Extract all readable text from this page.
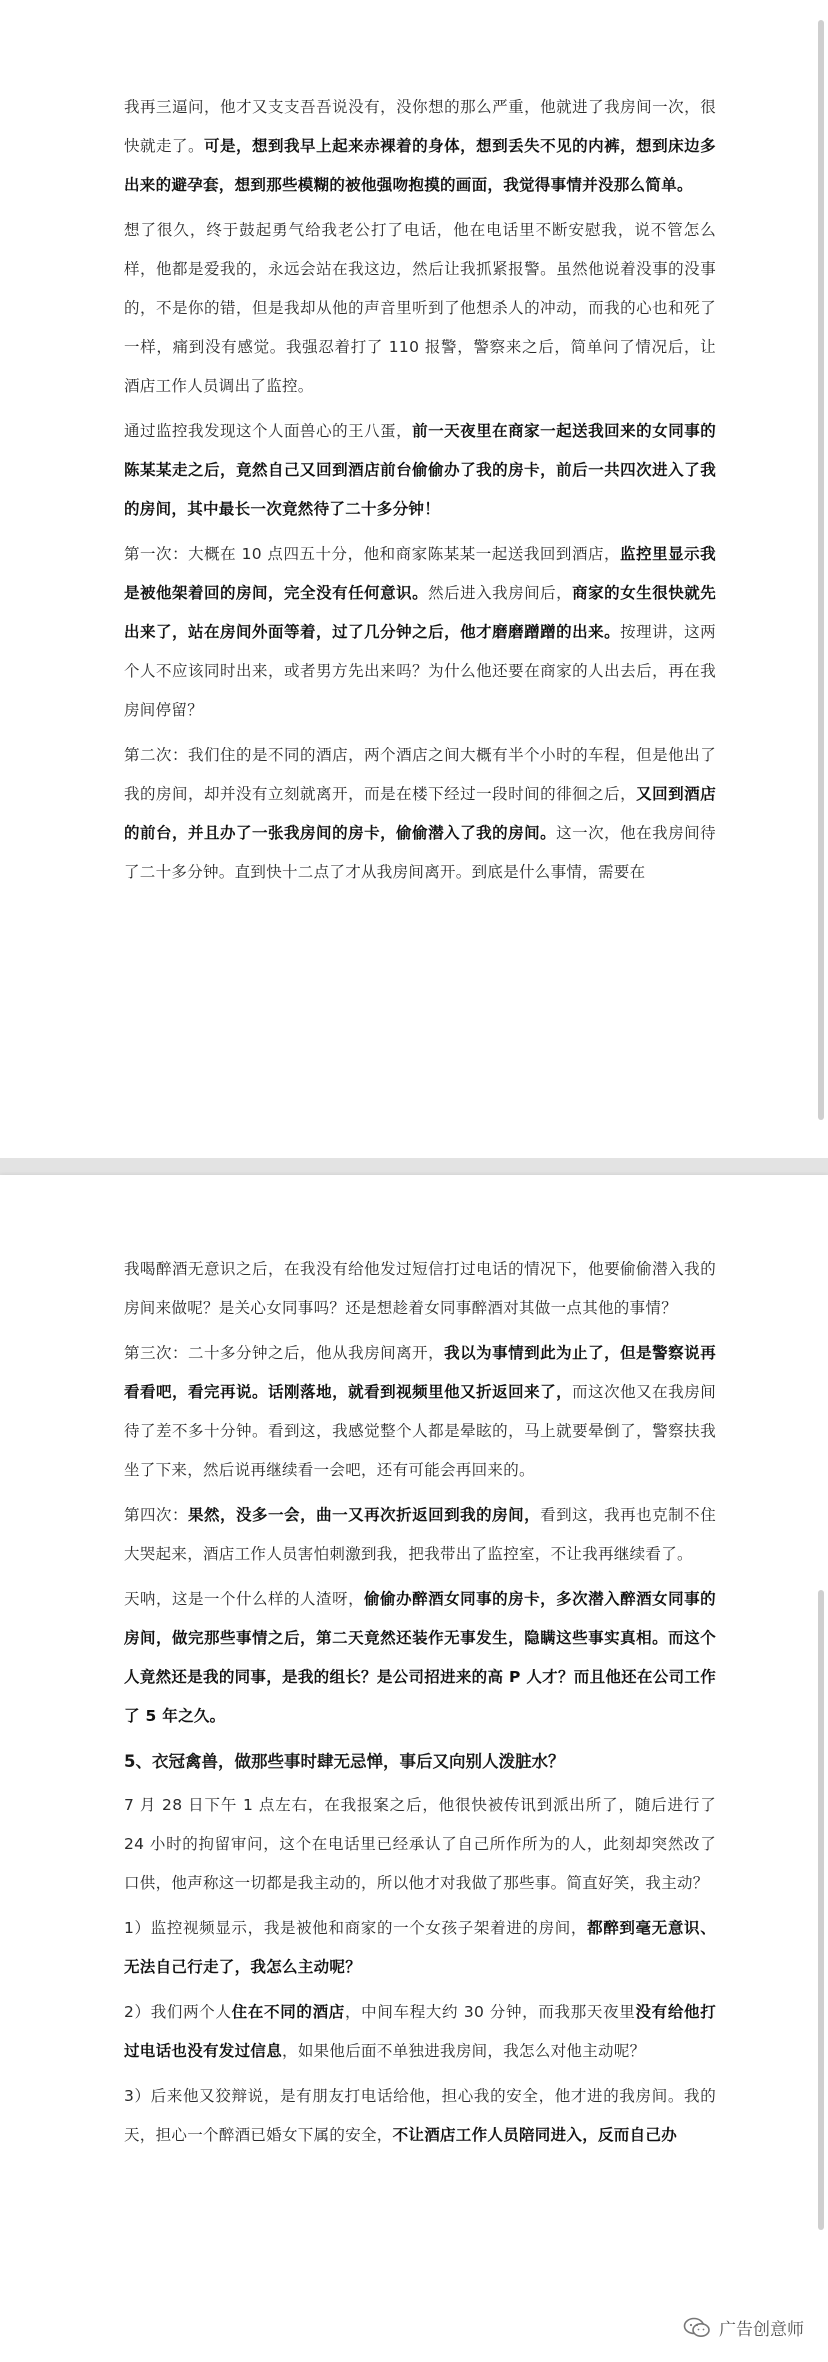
我再三逼问，他才又支支吾吾说没有，没你想的那么严重，他就进了我房间一次，很快就走了。可是，想到我早上起来赤裸着的身体，想到丢失不见的内裤，想到床边多出来的避孕套，想到那些模糊的被他强吻抱摸的画面，我觉得事情并没那么简单。

想了很久，终于鼓起勇气给我老公打了电话，他在电话里不断安慰我，说不管怎么样，他都是爱我的，永远会站在我这边，然后让我抓紧报警。虽然他说着没事的没事的，不是你的错，但是我却从他的声音里听到了他想杀人的冲动，而我的心也和死了一样，痛到没有感觉。我强忍着打了 110 报警，警察来之后，简单问了情况后，让酒店工作人员调出了监控。

通过监控我发现这个人面兽心的王八蛋，前一天夜里在商家一起送我回来的女同事的陈某某走之后，竟然自己又回到酒店前台偷偷办了我的房卡，前后一共四次进入了我的房间，其中最长一次竟然待了二十多分钟！

第一次：大概在 10 点四五十分，他和商家陈某某一起送我回到酒店，监控里显示我是被他架着回的房间，完全没有任何意识。然后进入我房间后，商家的女生很快就先出来了，站在房间外面等着，过了几分钟之后，他才磨磨蹭蹭的出来。按理讲，这两个人不应该同时出来，或者男方先出来吗？为什么他还要在商家的人出去后，再在我房间停留？

第二次：我们住的是不同的酒店，两个酒店之间大概有半个小时的车程，但是他出了我的房间，却并没有立刻就离开，而是在楼下经过一段时间的徘徊之后，又回到酒店的前台，并且办了一张我房间的房卡，偷偷潜入了我的房间。这一次，他在我房间待了二十多分钟。直到快十二点了才从我房间离开。到底是什么事情，需要在

我喝醉酒无意识之后，在我没有给他发过短信打过电话的情况下，他要偷偷潜入我的房间来做呢？是关心女同事吗？还是想趁着女同事醉酒对其做一点其他的事情？

第三次：二十多分钟之后，他从我房间离开，我以为事情到此为止了，但是警察说再看看吧，看完再说。话刚落地，就看到视频里他又折返回来了，而这次他又在我房间待了差不多十分钟。看到这，我感觉整个人都是晕眩的，马上就要晕倒了，警察扶我坐了下来，然后说再继续看一会吧，还有可能会再回来的。

第四次：果然，没多一会，曲一又再次折返回到我的房间，看到这，我再也克制不住大哭起来，酒店工作人员害怕刺激到我，把我带出了监控室，不让我再继续看了。

天呐，这是一个什么样的人渣呀，偷偷办醉酒女同事的房卡，多次潜入醉酒女同事的房间，做完那些事情之后，第二天竟然还装作无事发生，隐瞒这些事实真相。而这个人竟然还是我的同事，是我的组长？是公司招进来的高 P 人才？而且他还在公司工作了 5 年之久。

5、衣冠禽兽，做那些事时肆无忌惮，事后又向别人泼脏水？

7 月 28 日下午 1 点左右，在我报案之后，他很快被传讯到派出所了，随后进行了 24 小时的拘留审问，这个在电话里已经承认了自己所作所为的人，此刻却突然改了口供，他声称这一切都是我主动的，所以他才对我做了那些事。简直好笑，我主动？

1）监控视频显示，我是被他和商家的一个女孩子架着进的房间，都醉到毫无意识、无法自己行走了，我怎么主动呢？

2）我们两个人住在不同的酒店，中间车程大约 30 分钟，而我那天夜里没有给他打过电话也没有发过信息，如果他后面不单独进我房间，我怎么对他主动呢？

3）后来他又狡辩说，是有朋友打电话给他，担心我的安全，他才进的我房间。我的天，担心一个醉酒已婚女下属的安全，不让酒店工作人员陪同进入，反而自己办

广告创意师
